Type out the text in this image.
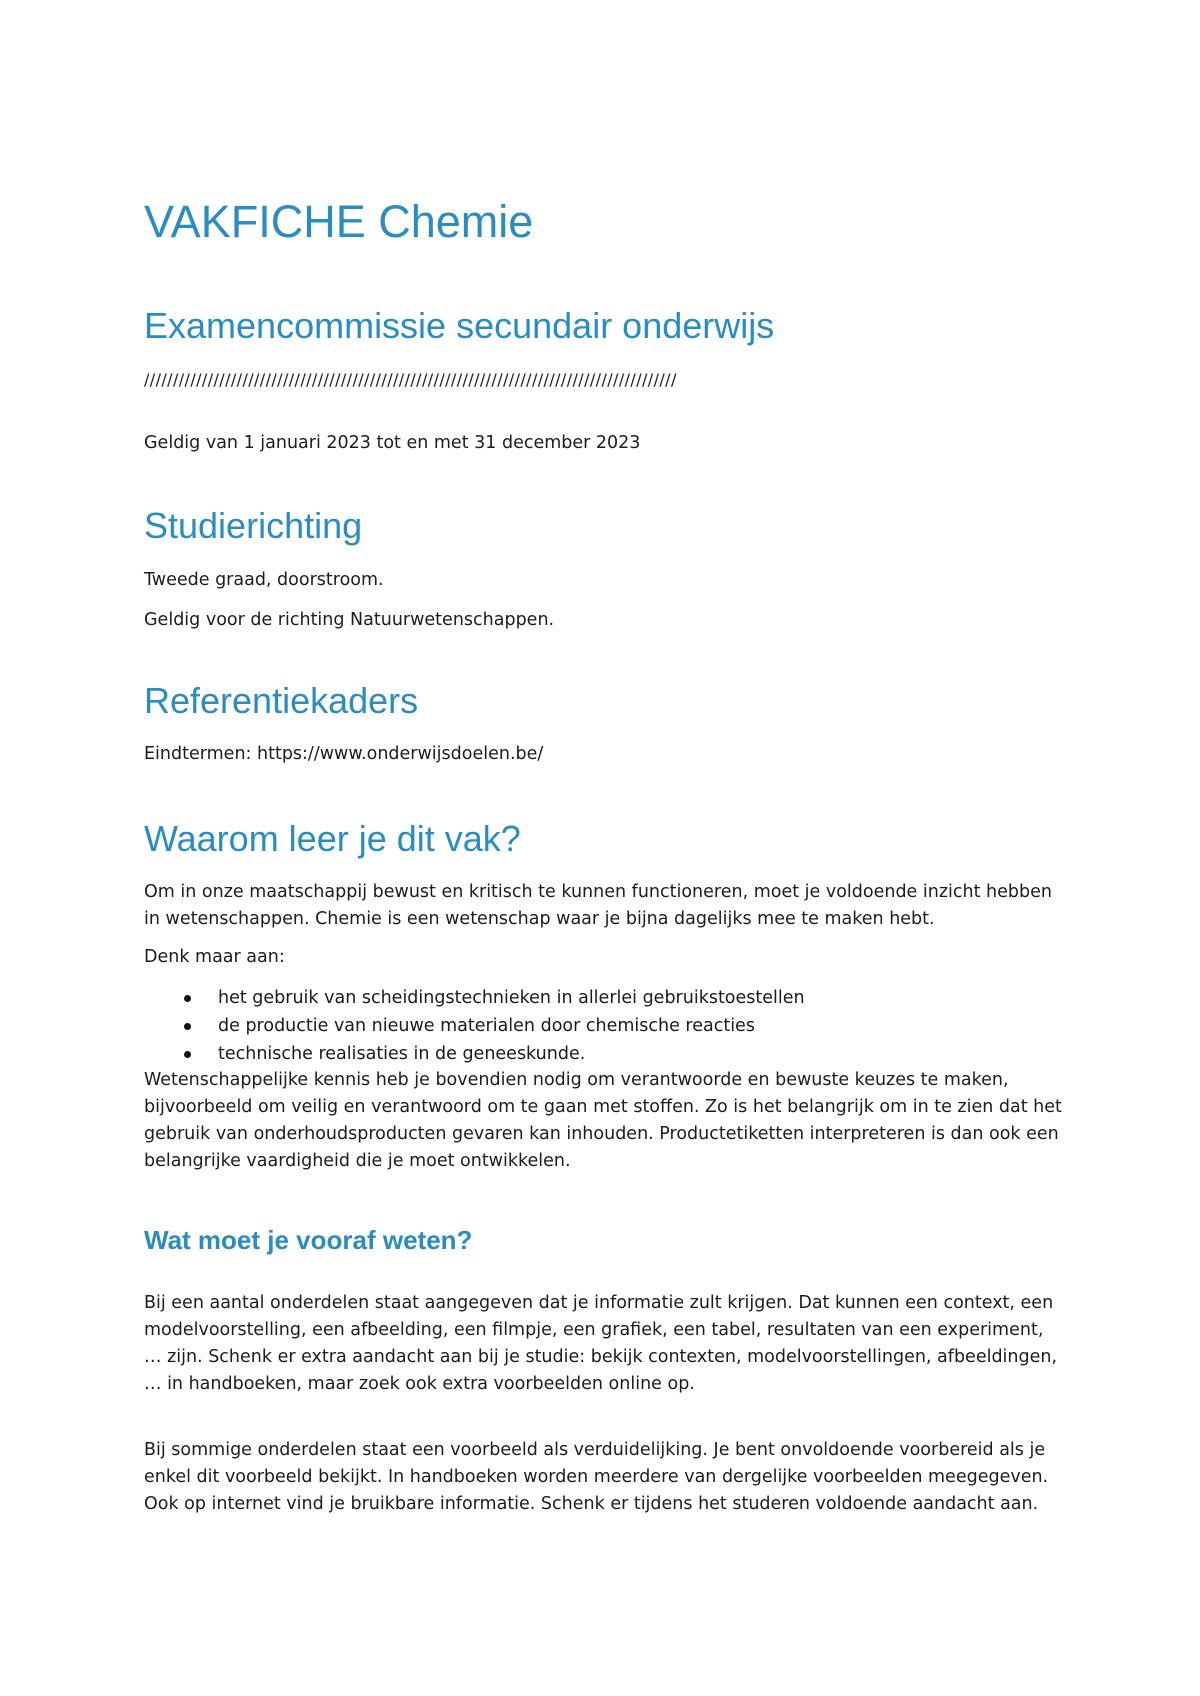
VAKFICHE Chemie
Examencommissie secundair onderwijs

////////////////////////////////////////////////////////////////////////////////////////////

Geldig van 1 januari 2023 tot en met 31 december 2023

Studierichting

Tweede graad, doorstroom.

Geldig voor de richting Natuurwetenschappen.

Referentiekaders

Eindtermen: https://www.onderwijsdoelen.be/

Waarom leer je dit vak?

Om in onze maatschappij bewust en kritisch te kunnen functioneren, moet je voldoende inzicht hebben in wetenschappen. Chemie is een wetenschap waar je bijna dagelijks mee te maken hebt.

Denk maar aan:

het gebruik van scheidingstechnieken in allerlei gebruikstoestellen
de productie van nieuwe materialen door chemische reacties
technische realisaties in de geneeskunde.

Wetenschappelijke kennis heb je bovendien nodig om verantwoorde en bewuste keuzes te maken, bijvoorbeeld om veilig en verantwoord om te gaan met stoffen. Zo is het belangrijk om in te zien dat het gebruik van onderhoudsproducten gevaren kan inhouden. Productetiketten interpreteren is dan ook een belangrijke vaardigheid die je moet ontwikkelen.

Wat moet je vooraf weten?

Bij een aantal onderdelen staat aangegeven dat je informatie zult krijgen. Dat kunnen een context, een modelvoorstelling, een afbeelding, een filmpje, een grafiek, een tabel, resultaten van een experiment, … zijn. Schenk er extra aandacht aan bij je studie: bekijk contexten, modelvoorstellingen, afbeeldingen, … in handboeken, maar zoek ook extra voorbeelden online op.

Bij sommige onderdelen staat een voorbeeld als verduidelijking. Je bent onvoldoende voorbereid als je enkel dit voorbeeld bekijkt. In handboeken worden meerdere van dergelijke voorbeelden meegegeven. Ook op internet vind je bruikbare informatie. Schenk er tijdens het studeren voldoende aandacht aan.
